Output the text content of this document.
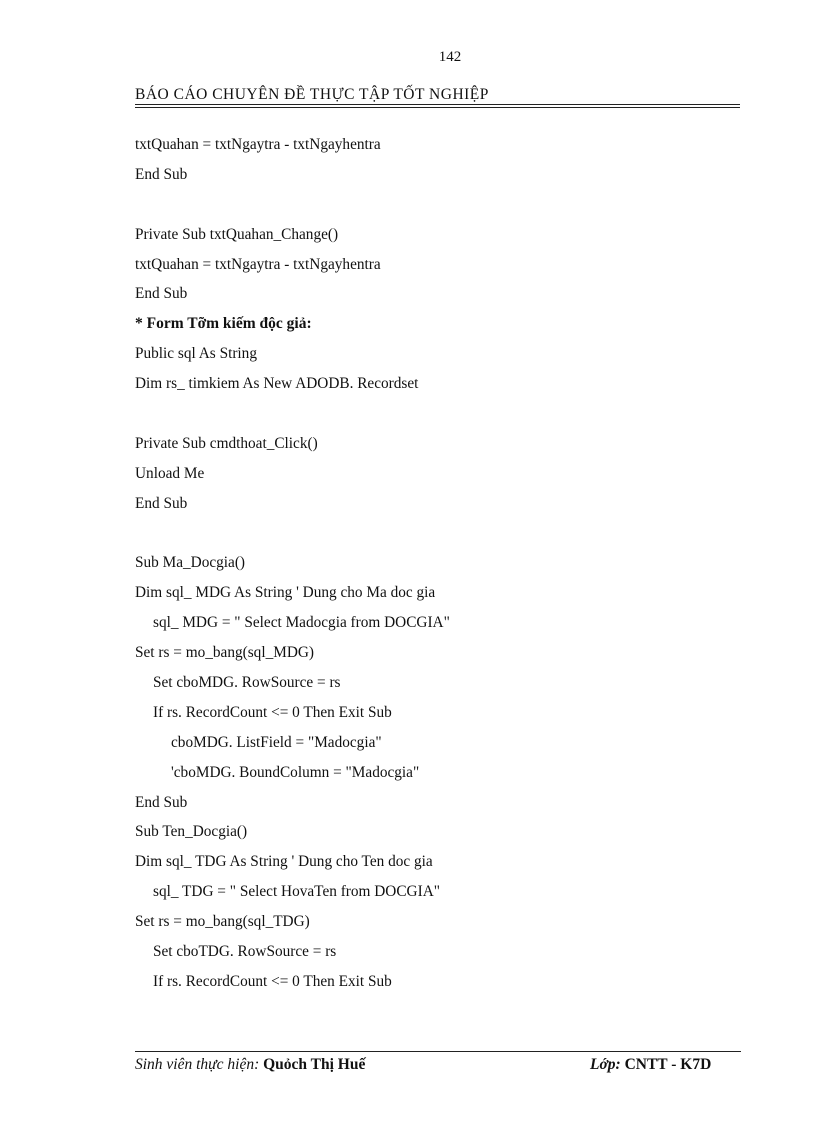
142
BÁO CÁO CHUYÊN ĐỀ THỰC TẬP TỐT NGHIỆP
txtQuahan = txtNgaytra - txtNgayhentra
End Sub
Private Sub txtQuahan_Change()
txtQuahan = txtNgaytra - txtNgayhentra
End Sub
* Form Tỡm kiếm độc giả:
Public sql As String
Dim rs_ timkiem As New ADODB. Recordset
Private Sub cmdthoat_Click()
Unload Me
End Sub
Sub Ma_Docgia()
Dim sql_ MDG As String ' Dung cho Ma doc gia
sql_ MDG = " Select Madocgia from DOCGIA"
Set rs = mo_bang(sql_MDG)
Set cboMDG. RowSource = rs
If rs. RecordCount <= 0 Then Exit Sub
cboMDG. ListField = "Madocgia"
'cboMDG. BoundColumn = "Madocgia"
End Sub
Sub Ten_Docgia()
Dim sql_ TDG As String ' Dung cho Ten doc gia
sql_ TDG = " Select HovaTen from DOCGIA"
Set rs = mo_bang(sql_TDG)
Set cboTDG. RowSource = rs
If rs. RecordCount <= 0 Then Exit Sub
Sinh viên thực hiện: Quỏch Thị Huế	Lớp: CNTT - K7D
